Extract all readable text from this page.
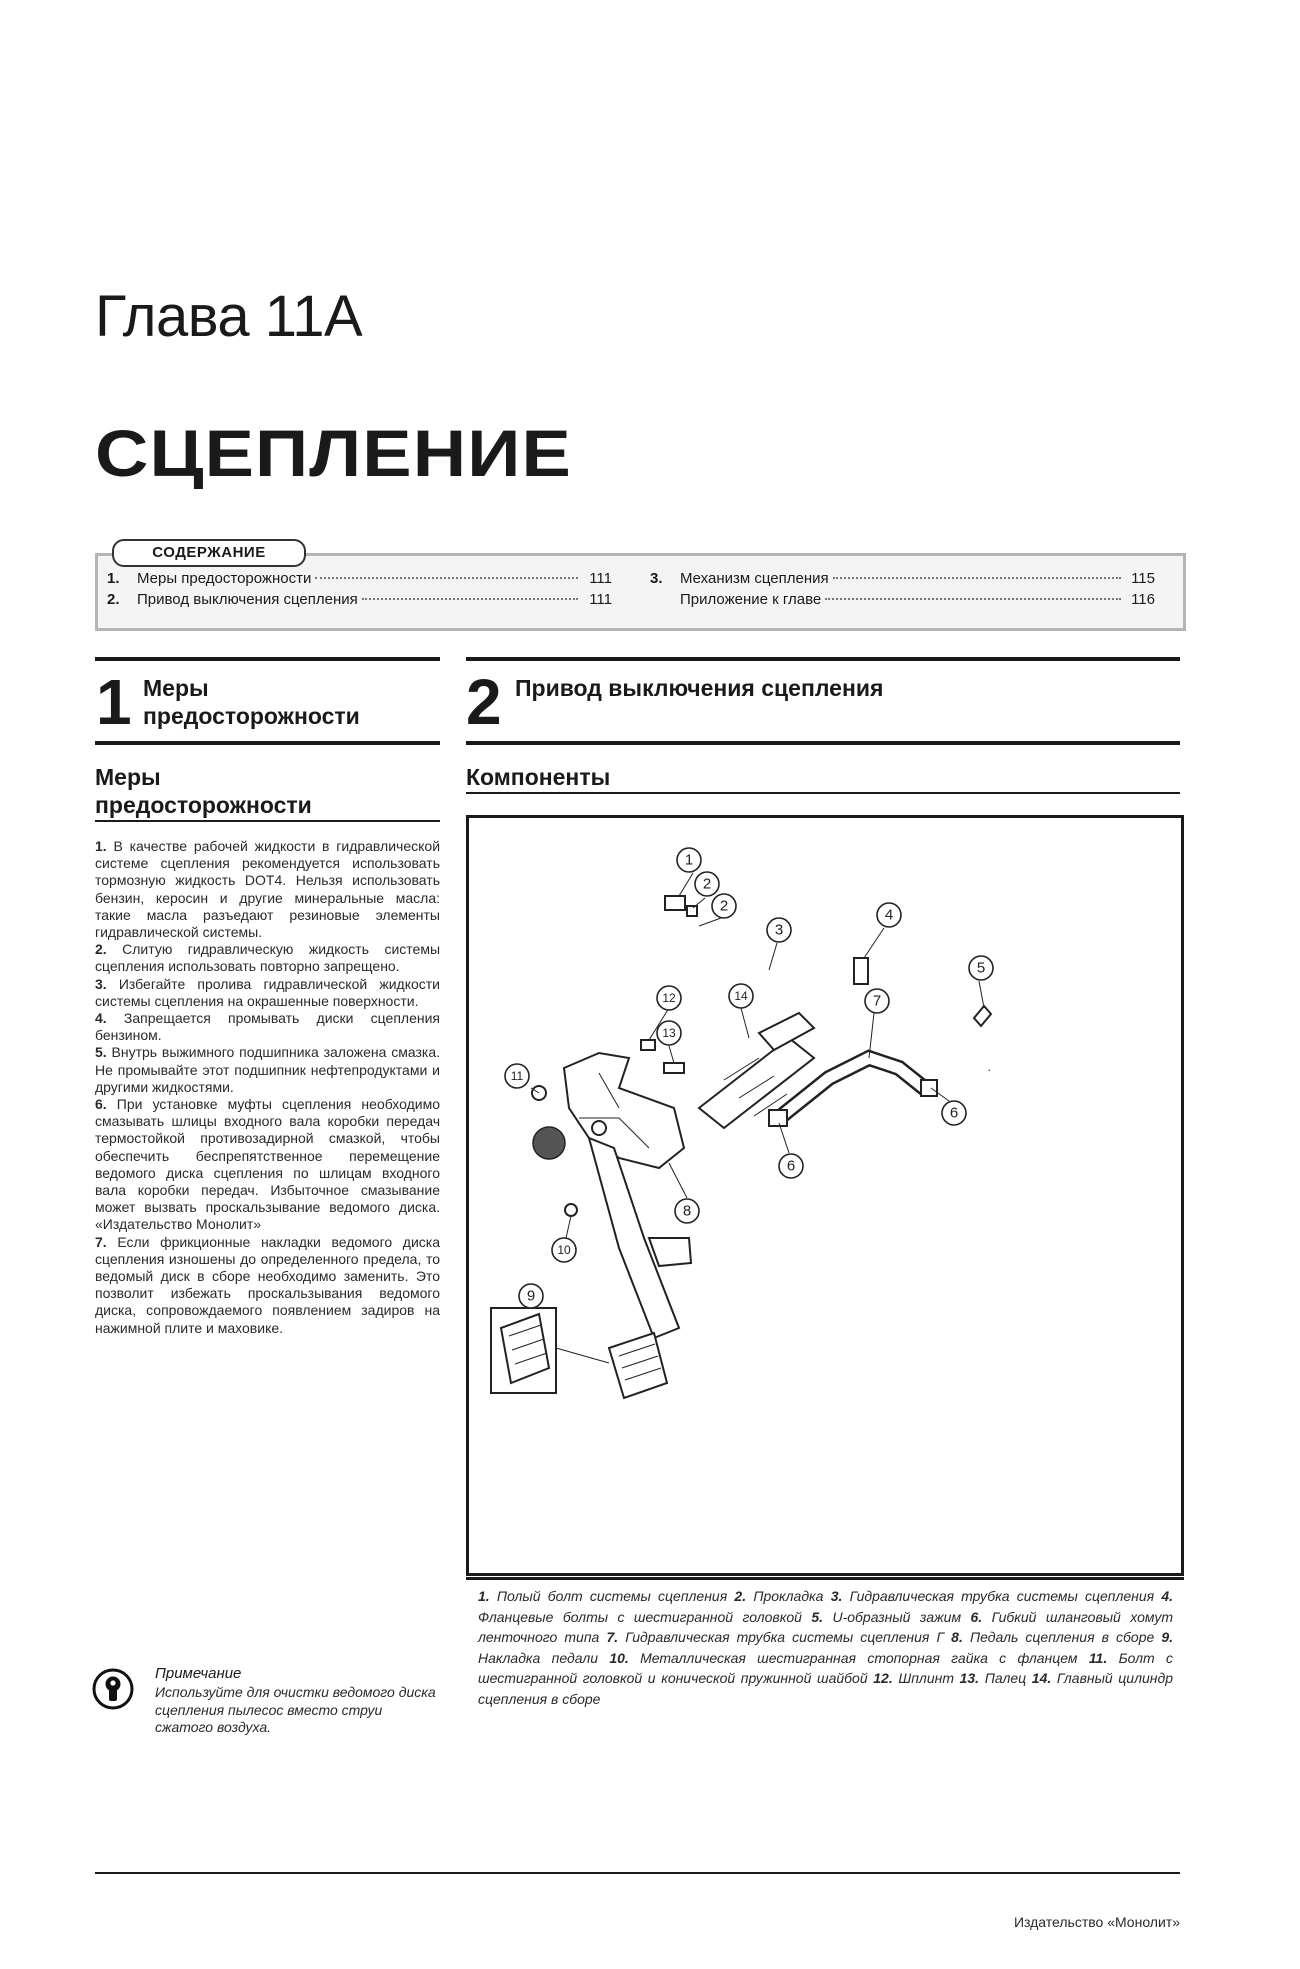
Глава 11А
СЦЕПЛЕНИЕ
СОДЕРЖАНИЕ
1.	Меры предосторожности	111
2.	Привод выключения сцепления	111
3.	Механизм сцепления	115
Приложение к главе	116
1 Меры предосторожности
Меры предосторожности

1. В качестве рабочей жидкости в гидравлической системе сцепления рекомендуется использовать тормозную жидкость DOT4. Нельзя использовать бензин, керосин и другие минеральные масла: такие масла разъедают резиновые элементы гидравлической системы.

2. Слитую гидравлическую жидкость системы сцепления использовать повторно запрещено.

3. Избегайте пролива гидравлической жидкости системы сцепления на окрашенные поверхности.

4. Запрещается промывать диски сцепления бензином.

5. Внутрь выжимного подшипника заложена смазка. Не промывайте этот подшипник нефтепродуктами и другими жидкостями.

6. При установке муфты сцепления необходимо смазывать шлицы входного вала коробки передач термостойкой противозадирной смазкой, чтобы обеспечить беспрепятственное перемещение ведомого диска сцепления по шлицам входного вала коробки передач. Избыточное смазывание может вызвать проскальзывание ведомого диска. «Издательство Монолит»

7. Если фрикционные накладки ведомого диска сцепления изношены до определенного предела, то ведомый диск в сборе необходимо заменить. Это позволит избежать проскальзывания ведомого диска, сопровождаемого появлением задиров на нажимной плите и маховике.

Примечание
Используйте для очистки ведомого диска сцепления пылесос вместо струи сжатого воздуха.
2 Привод выключения сцепления
Компоненты
1
2
2
3
4
5
6
6
7
8
9
10
11
12
13
14
1. Полый болт системы сцепления 2. Прокладка 3. Гидравлическая трубка системы сцепления 4. Фланцевые болты с шестигранной головкой 5. U-образный зажим 6. Гибкий шланговый хомут ленточного типа 7. Гидравлическая трубка системы сцепления Г 8. Педаль сцепления в сборе 9. Накладка педали 10. Металлическая шестигранная стопорная гайка с фланцем 11. Болт с шестигранной головкой и конической пружинной шайбой 12. Шплинт 13. Палец 14. Главный цилиндр сцепления в сборе
Издательство «Монолит»
